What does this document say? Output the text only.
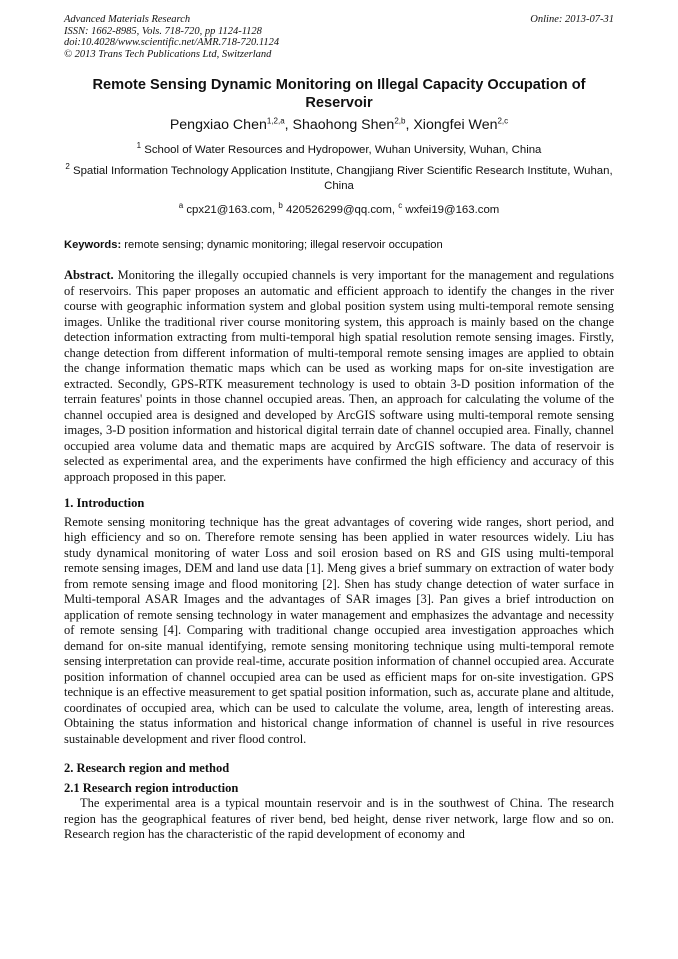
Advanced Materials Research
ISSN: 1662-8985, Vols. 718-720, pp 1124-1128
doi:10.4028/www.scientific.net/AMR.718-720.1124
© 2013 Trans Tech Publications Ltd, Switzerland
Online: 2013-07-31
Remote Sensing Dynamic Monitoring on Illegal Capacity Occupation of Reservoir
Pengxiao Chen$^{1,2,a}$, Shaohong Shen$^{2,b}$, Xiongfei Wen$^{2,c}$
$^1$ School of Water Resources and Hydropower, Wuhan University, Wuhan, China
$^2$ Spatial Information Technology Application Institute, Changjiang River Scientific Research Institute, Wuhan, China
$^a$ cpx21@163.com, $^b$ 420526299@qq.com, $^c$ wxfei19@163.com
Keywords: remote sensing; dynamic monitoring; illegal reservoir occupation
Abstract. Monitoring the illegally occupied channels is very important for the management and regulations of reservoirs. This paper proposes an automatic and efficient approach to identify the changes in the river course with geographic information system and global position system using multi-temporal remote sensing images. Unlike the traditional river course monitoring system, this approach is mainly based on the change detection information extracting from multi-temporal high spatial resolution remote sensing images. Firstly, change detection from different information of multi-temporal remote sensing images are applied to obtain the change information thematic maps which can be used as working maps for on-site investigation are extracted. Secondly, GPS-RTK measurement technology is used to obtain 3-D position information of the terrain features' points in those channel occupied areas. Then, an approach for calculating the volume of the channel occupied area is designed and developed by ArcGIS software using multi-temporal remote sensing images, 3-D position information and historical digital terrain date of channel occupied area. Finally, channel occupied area volume data and thematic maps are acquired by ArcGIS software. The data of reservoir is selected as experimental area, and the experiments have confirmed the high efficiency and accuracy of this approach proposed in this paper.
1. Introduction
Remote sensing monitoring technique has the great advantages of covering wide ranges, short period, and high efficiency and so on. Therefore remote sensing has been applied in water resources widely. Liu has study dynamical monitoring of water Loss and soil erosion based on RS and GIS using multi-temporal remote sensing images, DEM and land use data [1]. Meng gives a brief summary on extraction of water body from remote sensing image and flood monitoring [2]. Shen has study change detection of water surface in Multi-temporal ASAR Images and the advantages of SAR images [3]. Pan gives a brief introduction on application of remote sensing technology in water management and emphasizes the advantage and necessity of remote sensing [4]. Comparing with traditional change occupied area investigation approaches which demand for on-site manual identifying, remote sensing monitoring technique using multi-temporal remote sensing interpretation can provide real-time, accurate position information of channel occupied area. Accurate position information of channel occupied area can be used as efficient maps for on-site investigation. GPS technique is an effective measurement to get spatial position information, such as, accurate plane and altitude, coordinates of occupied area, which can be used to calculate the volume, area, length of interesting areas. Obtaining the status information and historical change information of channel is useful in rive resources sustainable development and river flood control.
2. Research region and method
2.1 Research region introduction
The experimental area is a typical mountain reservoir and is in the southwest of China. The research region has the geographical features of river bend, bed height, dense river network, large flow and so on. Research region has the characteristic of the rapid development of economy and
